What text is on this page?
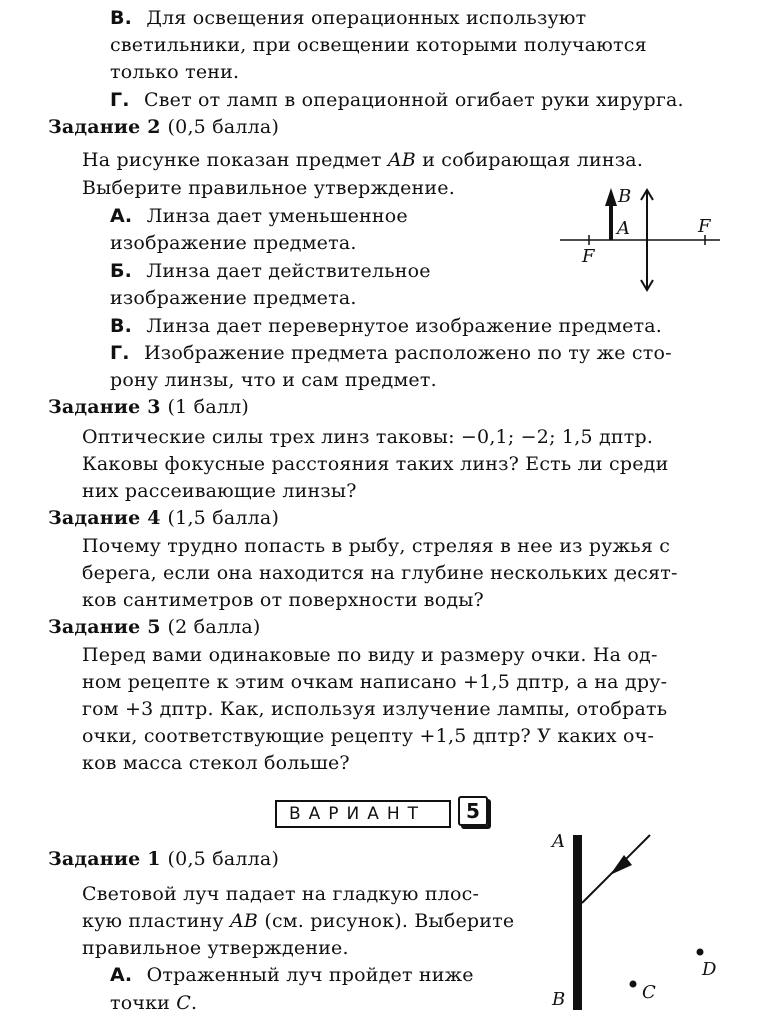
В. Для освещения операционных используют
светильники, при освещении которыми получаются
только тени.
Г. Свет от ламп в операционной огибает руки хирурга.
Задание 2 (0,5 балла)
На рисунке показан предмет AB и собирающая линза.
Выберите правильное утверждение.
А. Линза дает уменьшенное
изображение предмета.
Б. Линза дает действительное
изображение предмета.
В. Линза дает перевернутое изображение предмета.
Г. Изображение предмета расположено по ту же сто-
рону линзы, что и сам предмет.
B
A	F
F
Задание 3 (1 балл)
Оптические силы трех линз таковы: −0,1; −2; 1,5 дптр.
Каковы фокусные расстояния таких линз? Есть ли среди
них рассеивающие линзы?
Задание 4 (1,5 балла)
Почему трудно попасть в рыбу, стреляя в нее из ружья с
берега, если она находится на глубине нескольких десят-
ков сантиметров от поверхности воды?
Задание 5 (2 балла)
Перед вами одинаковые по виду и размеру очки. На од-
ном рецепте к этим очкам написано +1,5 дптр, а на дру-
гом +3 дптр. Как, используя излучение лампы, отобрать
очки, соответствующие рецепту +1,5 дптр? У каких оч-
ков масса стекол больше?
ВАРИАНТ	5
Задание 1 (0,5 балла)
Световой луч падает на гладкую плос-
кую пластину AB (см. рисунок). Выберите
правильное утверждение.
А. Отраженный луч пройдет ниже
точки C.
A
B	C
D
